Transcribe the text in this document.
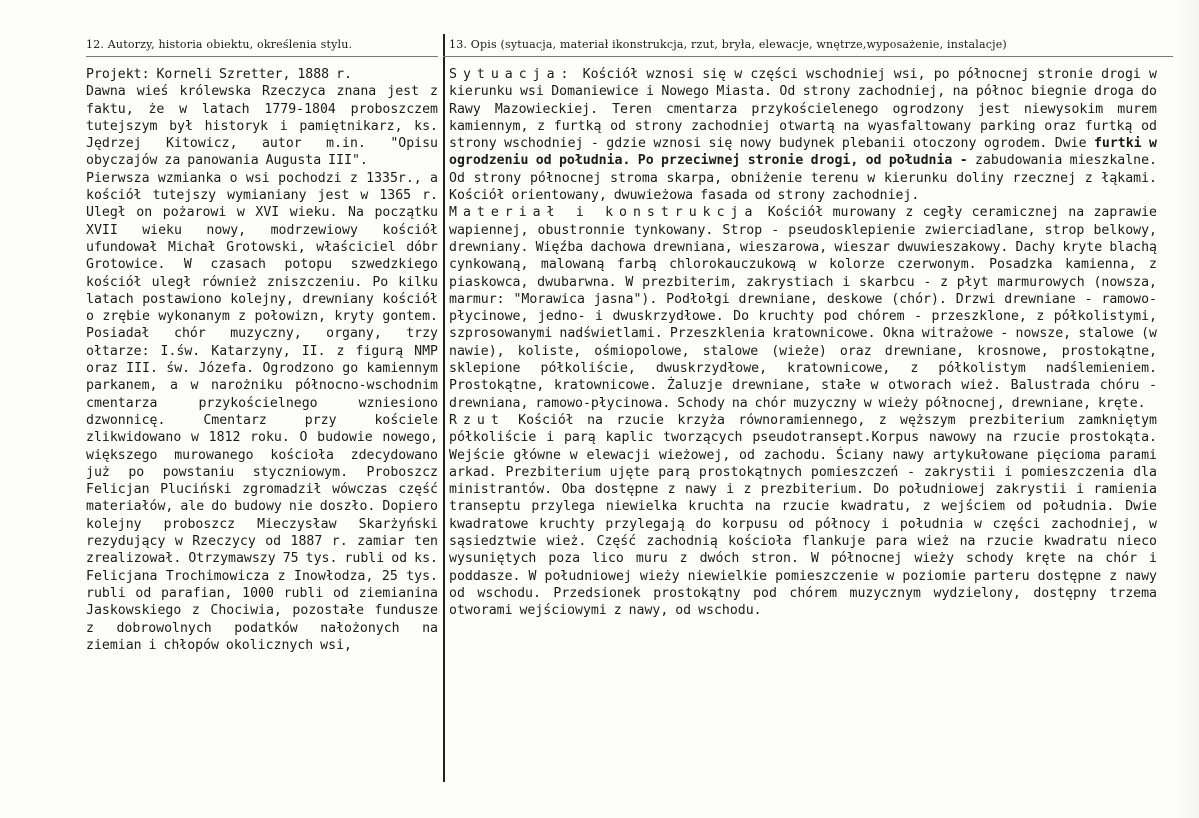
12. Autorzy, historia obiektu, określenia stylu.

Projekt: Korneli Szretter, 1888 r.

Dawna wieś królewska Rzeczyca znana jest z faktu, że w latach 1779-1804 proboszczem tutejszym był historyk i pamiętnikarz, ks. Jędrzej Kitowicz, autor m.in. "Opisu obyczajów za panowania Augusta III".

Pierwsza wzmianka o wsi pochodzi z 1335r., a kościół tutejszy wymianiany jest w 1365 r. Uległ on pożarowi w XVI wieku. Na początku XVII wieku nowy, modrzewiowy kościół ufundował Michał Grotowski, właściciel dóbr Grotowice. W czasach potopu szwedzkiego kościół uległ również zniszczeniu. Po kilku latach postawiono kolejny, drewniany kościół o zrębie wykonanym z połowizn, kryty gontem. Posiadał chór muzyczny, organy, trzy ołtarze: I.św. Katarzyny, II. z figurą NMP oraz III. św. Józefa. Ogrodzono go kamiennym parkanem, a w narożniku północno-wschodnim cmentarza przykościelnego wzniesiono dzwonnicę. Cmentarz przy kościele zlikwidowano w 1812 roku. O budowie nowego, większego murowanego kościoła zdecydowano już po powstaniu styczniowym. Proboszcz Felicjan Pluciński zgromadził wówczas część materiałów, ale do budowy nie doszło. Dopiero kolejny proboszcz Mieczysław Skarżyński rezydujący w Rzeczycy od 1887 r. zamiar ten zrealizował. Otrzymawszy 75 tys. rubli od ks. Felicjana Trochimowicza z Inowłodza, 25 tys. rubli od parafian, 1000 rubli od ziemianina Jaskowskiego z Chociwia, pozostałe fundusze z dobrowolnych podatków nałożonych na ziemian i chłopów okolicznych wsi,

13. Opis (sytuacja, materiał ikonstrukcja, rzut, bryła, elewacje, wnętrze,wyposażenie, instalacje)

Sytuacja: Kościół wznosi się w części wschodniej wsi, po północnej stronie drogi w kierunku wsi Domaniewice i Nowego Miasta. Od strony zachodniej, na północ biegnie droga do Rawy Mazowieckiej. Teren cmentarza przykościelenego ogrodzony jest niewysokim murem kamiennym, z furtką od strony zachodniej otwartą na wyasfaltowany parking oraz furtką od strony wschodniej - gdzie wznosi się nowy budynek plebanii otoczony ogrodem. Dwie furtki w ogrodzeniu od południa. Po przeciwnej stronie drogi, od południa - zabudowania mieszkalne. Od strony północnej stroma skarpa, obniżenie terenu w kierunku doliny rzecznej z łąkami. Kościół orientowany, dwuwieżowa fasada od strony zachodniej.

Materiał i konstrukcja Kościół murowany z cegły ceramicznej na zaprawie wapiennej, obustronnie tynkowany. Strop - pseudosklepienie zwierciadlane, strop belkowy, drewniany. Więźba dachowa drewniana, wieszarowa, wieszar dwuwieszakowy. Dachy kryte blachą cynkowaną, malowaną farbą chlorokauczukową w kolorze czerwonym. Posadzka kamienna, z piaskowca, dwubarwna. W prezbiterim, zakrystiach i skarbcu - z płyt marmurowych (nowsza, marmur: "Morawica jasna"). Podłołgi drewniane, deskowe (chór). Drzwi drewniane - ramowo-płycinowe, jedno- i dwuskrzydłowe. Do kruchty pod chórem - przeszklone, z półkolistymi, szprosowanymi nadświetlami. Przeszklenia kratownicowe. Okna witrażowe - nowsze, stalowe (w nawie), koliste, ośmiopolowe, stalowe (wieże) oraz drewniane, krosnowe, prostokątne, sklepione półkoliście, dwuskrzydłowe, kratownicowe, z półkolistym nadślemieniem. Prostokątne, kratownicowe. Żaluzje drewniane, stałe w otworach wież. Balustrada chóru - drewniana, ramowo-płycinowa. Schody na chór muzyczny w wieży północnej, drewniane, kręte.

Rzut Kościół na rzucie krzyża równoramiennego, z węższym prezbiterium zamkniętym półkoliście i parą kaplic tworzących pseudotransept.Korpus nawowy na rzucie prostokąta. Wejście główne w elewacji wieżowej, od zachodu. Ściany nawy artykułowane pięcioma parami arkad. Prezbiterium ujęte parą prostokątnych pomieszczeń - zakrystii i pomieszczenia dla ministrantów. Oba dostępne z nawy i z prezbiterium. Do południowej zakrystii i ramienia transeptu przylega niewielka kruchta na rzucie kwadratu, z wejściem od południa. Dwie kwadratowe kruchty przylegają do korpusu od północy i południa w części zachodniej, w sąsiedztwie wież. Część zachodnią kościoła flankuje para wież na rzucie kwadratu nieco wysuniętych poza lico muru z dwóch stron. W północnej wieży schody kręte na chór i poddasze. W południowej wieży niewielkie pomieszczenie w poziomie parteru dostępne z nawy od wschodu. Przedsionek prostokątny pod chórem muzycznym wydzielony, dostępny trzema otworami wejściowymi z nawy, od wschodu.
